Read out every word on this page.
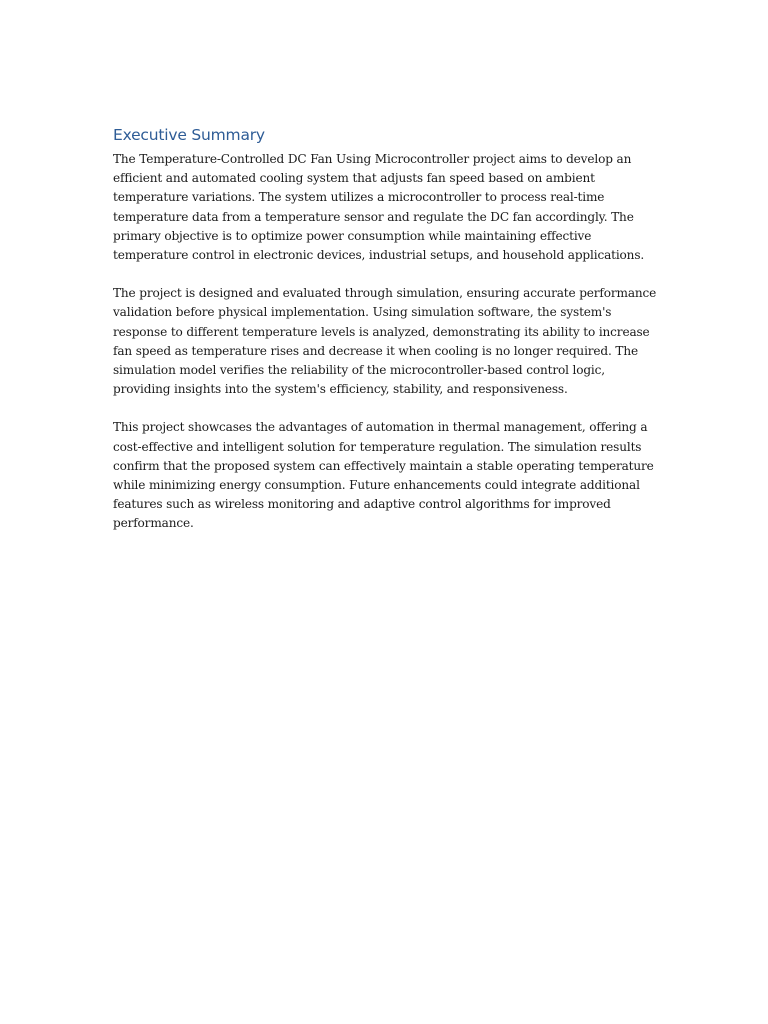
Executive Summary

The Temperature-Controlled DC Fan Using Microcontroller project aims to develop an
efficient and automated cooling system that adjusts fan speed based on ambient
temperature variations. The system utilizes a microcontroller to process real-time
temperature data from a temperature sensor and regulate the DC fan accordingly. The
primary objective is to optimize power consumption while maintaining effective
temperature control in electronic devices, industrial setups, and household applications.

The project is designed and evaluated through simulation, ensuring accurate performance
validation before physical implementation. Using simulation software, the system's
response to different temperature levels is analyzed, demonstrating its ability to increase
fan speed as temperature rises and decrease it when cooling is no longer required. The
simulation model verifies the reliability of the microcontroller-based control logic,
providing insights into the system's efficiency, stability, and responsiveness.

This project showcases the advantages of automation in thermal management, offering a
cost-effective and intelligent solution for temperature regulation. The simulation results
confirm that the proposed system can effectively maintain a stable operating temperature
while minimizing energy consumption. Future enhancements could integrate additional
features such as wireless monitoring and adaptive control algorithms for improved
performance.
